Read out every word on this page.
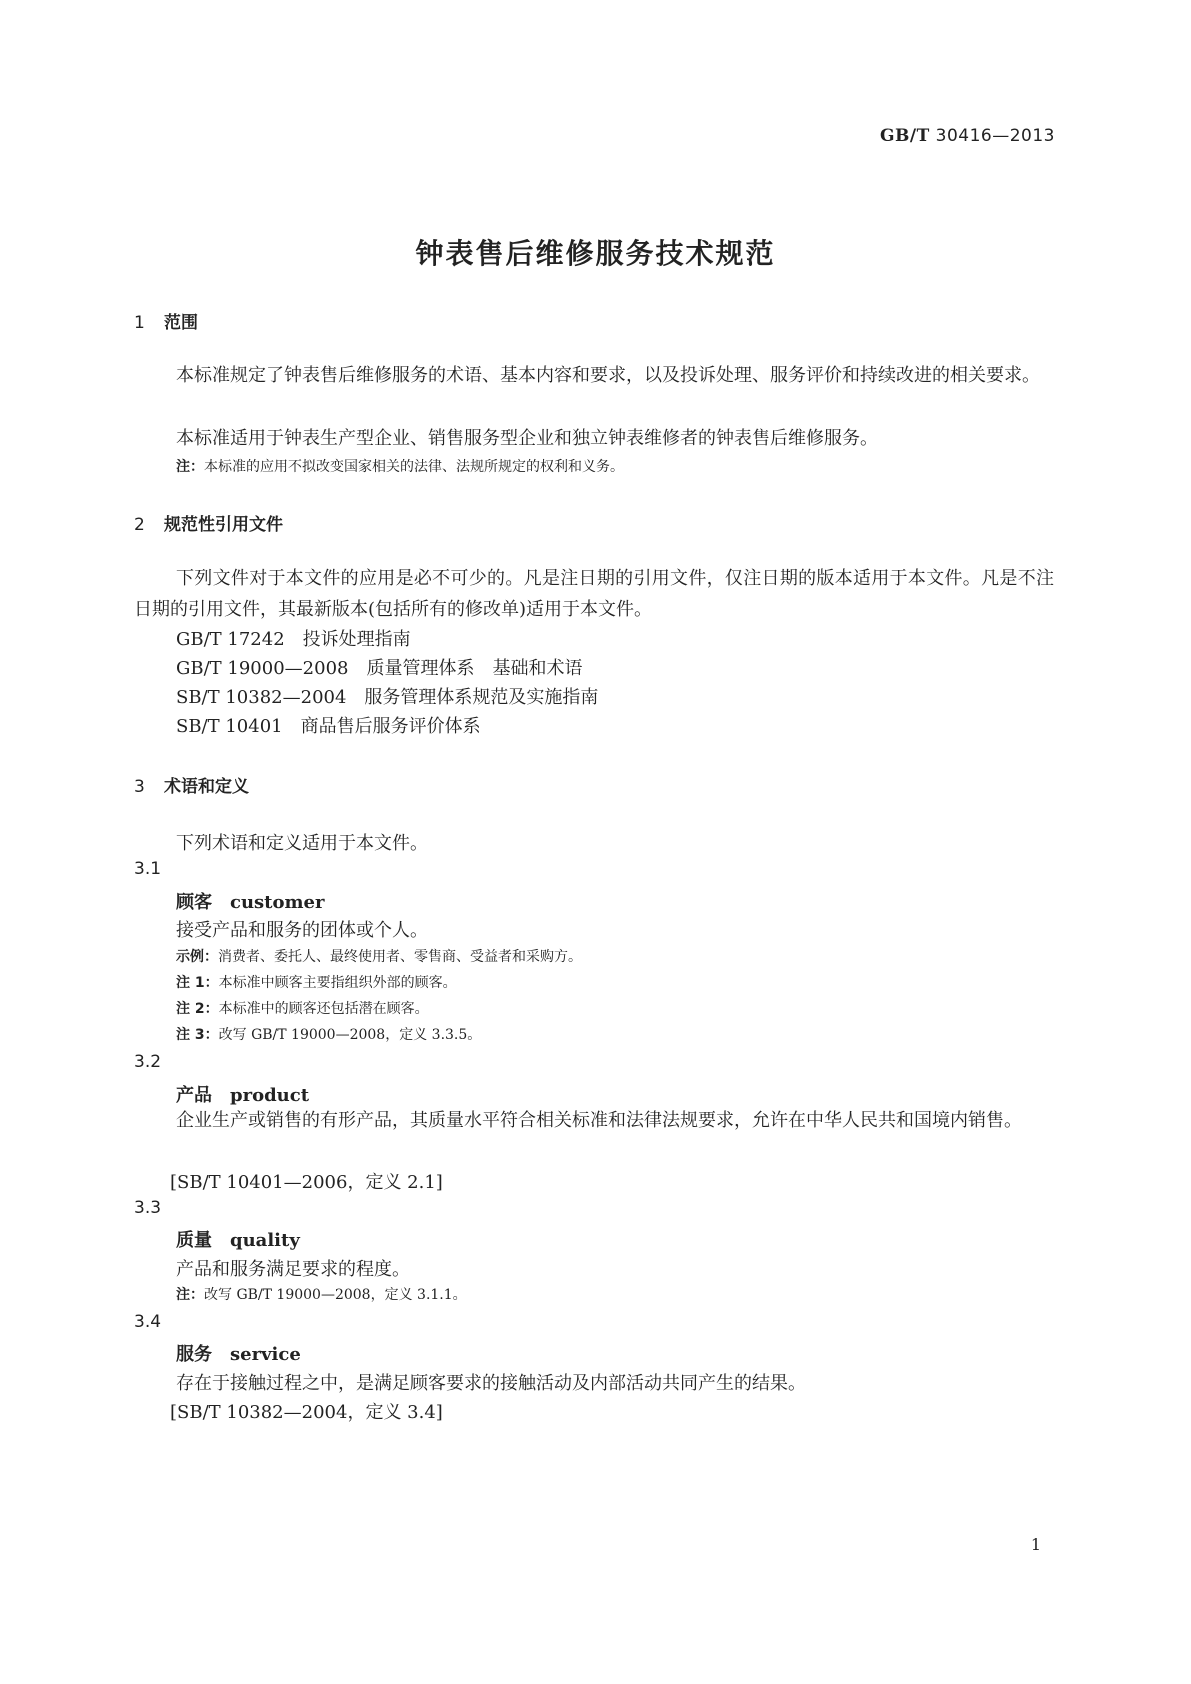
GB/T 30416—2013
钟表售后维修服务技术规范
1 范围
本标准规定了钟表售后维修服务的术语、基本内容和要求，以及投诉处理、服务评价和持续改进的相关要求。
本标准适用于钟表生产型企业、销售服务型企业和独立钟表维修者的钟表售后维修服务。
注：本标准的应用不拟改变国家相关的法律、法规所规定的权利和义务。
2 规范性引用文件
下列文件对于本文件的应用是必不可少的。凡是注日期的引用文件，仅注日期的版本适用于本文件。凡是不注日期的引用文件，其最新版本(包括所有的修改单)适用于本文件。
GB/T 17242　投诉处理指南
GB/T 19000—2008　质量管理体系　基础和术语
SB/T 10382—2004　服务管理体系规范及实施指南
SB/T 10401　商品售后服务评价体系
3 术语和定义
下列术语和定义适用于本文件。
3.1
顾客 customer
接受产品和服务的团体或个人。
示例：消费者、委托人、最终使用者、零售商、受益者和采购方。
注 1：本标准中顾客主要指组织外部的顾客。
注 2：本标准中的顾客还包括潜在顾客。
注 3：改写 GB/T 19000—2008，定义 3.3.5。
3.2
产品 product
企业生产或销售的有形产品，其质量水平符合相关标准和法律法规要求，允许在中华人民共和国境内销售。
[SB/T 10401—2006，定义 2.1]
3.3
质量 quality
产品和服务满足要求的程度。
注：改写 GB/T 19000—2008，定义 3.1.1。
3.4
服务 service
存在于接触过程之中，是满足顾客要求的接触活动及内部活动共同产生的结果。
[SB/T 10382—2004，定义 3.4]
1
